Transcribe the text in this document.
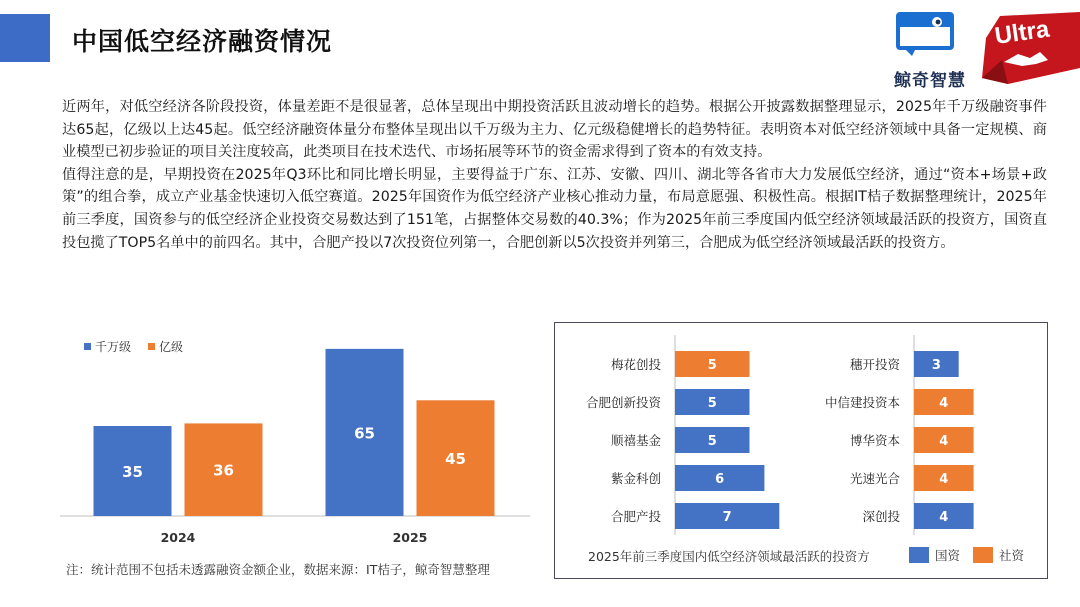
中国低空经济融资情况
鲸奇智慧
Ultra

近两年，对低空经济各阶段投资，体量差距不是很显著，总体呈现出中期投资活跃且波动增长的趋势。根据公开披露数据整理显示，2025年千万级融资事件达65起，亿级以上达45起。低空经济融资体量分布整体呈现出以千万级为主力、亿元级稳健增长的趋势特征。表明资本对低空经济领域中具备一定规模、商业模型已初步验证的项目关注度较高，此类项目在技术迭代、市场拓展等环节的资金需求得到了资本的有效支持。

值得注意的是，早期投资在2025年Q3环比和同比增长明显，主要得益于广东、江苏、安徽、四川、湖北等各省市大力发展低空经济，通过“资本+场景+政策”的组合拳，成立产业基金快速切入低空赛道。2025年国资作为低空经济产业核心推动力量，布局意愿强、积极性高。根据IT桔子数据整理统计，2025年前三季度，国资参与的低空经济企业投资交易数达到了151笔，占据整体交易数的40.3%；作为2025年前三季度国内低空经济领域最活跃的投资方，国资直投包揽了TOP5名单中的前四名。其中，合肥产投以7次投资位列第一，合肥创新以5次投资并列第三，合肥成为低空经济领域最活跃的投资方。

千万级 亿级
35	36
2024
65
45
2025
注：统计范围不包括未透露融资金额企业，数据来源：IT桔子，鲸奇智慧整理
梅花创投	5
合肥创新投资	5
顺禧基金	5
紫金科创	6
合肥产投	7
穗开投资 3
中信建投资本	4
博华资本	4
光速光合	4
深创投	4
2025年前三季度国内低空经济领域最活跃的投资方	国资	社资
